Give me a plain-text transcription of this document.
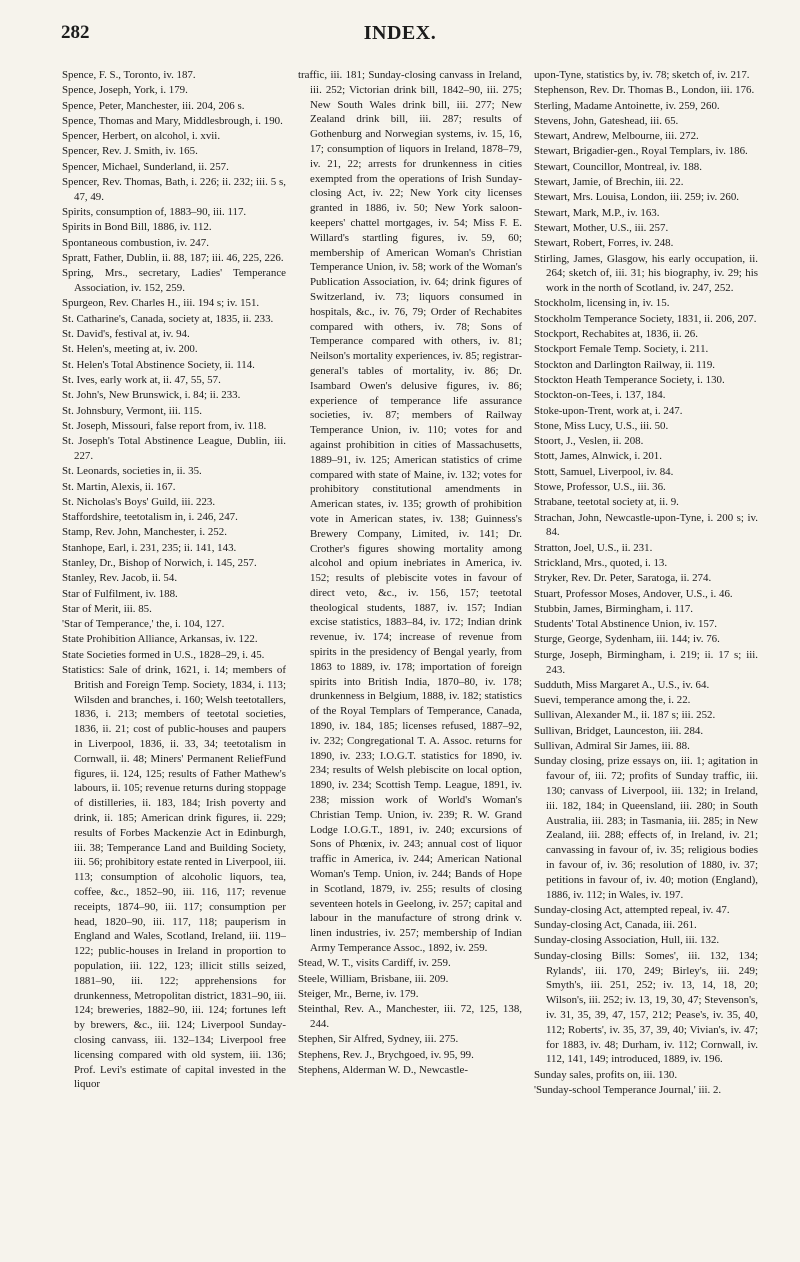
282	INDEX.

Spence, F. S., Toronto, iv. 187.

Spence, Joseph, York, i. 179.

Spence, Peter, Manchester, iii. 204, 206 s.

Spence, Thomas and Mary, Middlesbrough, i. 190.

Spencer, Herbert, on alcohol, i. xvii.

Spencer, Rev. J. Smith, iv. 165.

Spencer, Michael, Sunderland, ii. 257.

Spencer, Rev. Thomas, Bath, i. 226; ii. 232; iii. 5 s, 47, 49.

Spirits, consumption of, 1883–90, iii. 117.

Spirits in Bond Bill, 1886, iv. 112.

Spontaneous combustion, iv. 247.

Spratt, Father, Dublin, ii. 88, 187; iii. 46, 225, 226.

Spring, Mrs., secretary, Ladies' Temperance Association, iv. 152, 259.

Spurgeon, Rev. Charles H., iii. 194 s; iv. 151.

St. Catharine's, Canada, society at, 1835, ii. 233.

St. David's, festival at, iv. 94.

St. Helen's, meeting at, iv. 200.

St. Helen's Total Abstinence Society, ii. 114.

St. Ives, early work at, ii. 47, 55, 57.

St. John's, New Brunswick, i. 84; ii. 233.

St. Johnsbury, Vermont, iii. 115.

St. Joseph, Missouri, false report from, iv. 118.

St. Joseph's Total Abstinence League, Dublin, iii. 227.

St. Leonards, societies in, ii. 35.

St. Martin, Alexis, ii. 167.

St. Nicholas's Boys' Guild, iii. 223.

Staffordshire, teetotalism in, i. 246, 247.

Stamp, Rev. John, Manchester, i. 252.

Stanhope, Earl, i. 231, 235; ii. 141, 143.

Stanley, Dr., Bishop of Norwich, i. 145, 257.

Stanley, Rev. Jacob, ii. 54.

Star of Fulfilment, iv. 188.

Star of Merit, iii. 85.

'Star of Temperance,' the, i. 104, 127.

State Prohibition Alliance, Arkansas, iv. 122.

State Societies formed in U.S., 1828–29, i. 45.

Statistics: Sale of drink, 1621, i. 14; members of British and Foreign Temp. Society, 1834, i. 113; Wilsden and branches, i. 160; Welsh teetotallers, 1836, i. 213; members of teetotal societies, 1836, ii. 21; cost of public-houses and paupers in Liverpool, 1836, ii. 33, 34; teetotalism in Cornwall, ii. 48; Miners' Permanent ReliefFund figures, ii. 124, 125; results of Father Mathew's labours, ii. 105; revenue returns during stoppage of distilleries, ii. 183, 184; Irish poverty and drink, ii. 185; American drink figures, ii. 229; results of Forbes Mackenzie Act in Edinburgh, iii. 38; Temperance Land and Building Society, iii. 56; prohibitory estate rented in Liverpool, iii. 113; consumption of alcoholic liquors, tea, coffee, &c., 1852–90, iii. 116, 117; revenue receipts, 1874–90, iii. 117; consumption per head, 1820–90, iii. 117, 118; pauperism in England and Wales, Scotland, Ireland, iii. 119–122; public-houses in Ireland in proportion to population, iii. 122, 123; illicit stills seized, 1881–90, iii. 122; apprehensions for drunkenness, Metropolitan district, 1831–90, iii. 124; breweries, 1882–90, iii. 124; fortunes left by brewers, &c., iii. 124; Liverpool Sunday-closing canvass, iii. 132–134; Liverpool free licensing compared with old system, iii. 136; Prof. Levi's estimate of capital invested in the liquor

traffic, iii. 181; Sunday-closing canvass in Ireland, iii. 252; Victorian drink bill, 1842–90, iii. 275; New South Wales drink bill, iii. 277; New Zealand drink bill, iii. 287; results of Gothenburg and Norwegian systems, iv. 15, 16, 17; consumption of liquors in Ireland, 1878–79, iv. 21, 22; arrests for drunkenness in cities exempted from the operations of Irish Sunday-closing Act, iv. 22; New York city licenses granted in 1886, iv. 50; New York saloon-keepers' chattel mortgages, iv. 54; Miss F. E. Willard's startling figures, iv. 59, 60; membership of American Woman's Christian Temperance Union, iv. 58; work of the Woman's Publication Association, iv. 64; drink figures of Switzerland, iv. 73; liquors consumed in hospitals, &c., iv. 76, 79; Order of Rechabites compared with others, iv. 78; Sons of Temperance compared with others, iv. 81; Neilson's mortality experiences, iv. 85; registrar-general's tables of mortality, iv. 86; Dr. Isambard Owen's delusive figures, iv. 86; experience of temperance life assurance societies, iv. 87; members of Railway Temperance Union, iv. 110; votes for and against prohibition in cities of Massachusetts, 1889–91, iv. 125; American statistics of crime compared with state of Maine, iv. 132; votes for prohibitory constitutional amendments in American states, iv. 135; growth of prohibition vote in American states, iv. 138; Guinness's Brewery Company, Limited, iv. 141; Dr. Crother's figures showing mortality among alcohol and opium inebriates in America, iv. 152; results of plebiscite votes in favour of direct veto, &c., iv. 156, 157; teetotal theological students, 1887, iv. 157; Indian excise statistics, 1883–84, iv. 172; Indian drink revenue, iv. 174; increase of revenue from spirits in the presidency of Bengal yearly, from 1863 to 1889, iv. 178; importation of foreign spirits into British India, 1870–80, iv. 178; drunkenness in Belgium, 1888, iv. 182; statistics of the Royal Templars of Temperance, Canada, 1890, iv. 184, 185; licenses refused, 1887–92, iv. 232; Congregational T. A. Assoc. returns for 1890, iv. 233; I.O.G.T. statistics for 1890, iv. 234; results of Welsh plebiscite on local option, 1890, iv. 234; Scottish Temp. League, 1891, iv. 238; mission work of World's Woman's Christian Temp. Union, iv. 239; R. W. Grand Lodge I.O.G.T., 1891, iv. 240; excursions of Sons of Phœnix, iv. 243; annual cost of liquor traffic in America, iv. 244; American National Woman's Temp. Union, iv. 244; Bands of Hope in Scotland, 1879, iv. 255; results of closing seventeen hotels in Geelong, iv. 257; capital and labour in the manufacture of strong drink v. linen industries, iv. 257; membership of Indian Army Temperance Assoc., 1892, iv. 259.

Stead, W. T., visits Cardiff, iv. 259.

Steele, William, Brisbane, iii. 209.

Steiger, Mr., Berne, iv. 179.

Steinthal, Rev. A., Manchester, iii. 72, 125, 138, 244.

Stephen, Sir Alfred, Sydney, iii. 275.

Stephens, Rev. J., Brychgoed, iv. 95, 99.

Stephens, Alderman W. D., Newcastle-

upon-Tyne, statistics by, iv. 78; sketch of, iv. 217.

Stephenson, Rev. Dr. Thomas B., London, iii. 176.

Sterling, Madame Antoinette, iv. 259, 260.

Stevens, John, Gateshead, iii. 65.

Stewart, Andrew, Melbourne, iii. 272.

Stewart, Brigadier-gen., Royal Templars, iv. 186.

Stewart, Councillor, Montreal, iv. 188.

Stewart, Jamie, of Brechin, iii. 22.

Stewart, Mrs. Louisa, London, iii. 259; iv. 260.

Stewart, Mark, M.P., iv. 163.

Stewart, Mother, U.S., iii. 257.

Stewart, Robert, Forres, iv. 248.

Stirling, James, Glasgow, his early occupation, ii. 264; sketch of, iii. 31; his biography, iv. 29; his work in the north of Scotland, iv. 247, 252.

Stockholm, licensing in, iv. 15.

Stockholm Temperance Society, 1831, ii. 206, 207.

Stockport, Rechabites at, 1836, ii. 26.

Stockport Female Temp. Society, i. 211.

Stockton and Darlington Railway, ii. 119.

Stockton Heath Temperance Society, i. 130.

Stockton-on-Tees, i. 137, 184.

Stoke-upon-Trent, work at, i. 247.

Stone, Miss Lucy, U.S., iii. 50.

Stoort, J., Veslen, ii. 208.

Stott, James, Alnwick, i. 201.

Stott, Samuel, Liverpool, iv. 84.

Stowe, Professor, U.S., iii. 36.

Strabane, teetotal society at, ii. 9.

Strachan, John, Newcastle-upon-Tyne, i. 200 s; iv. 84.

Stratton, Joel, U.S., ii. 231.

Strickland, Mrs., quoted, i. 13.

Stryker, Rev. Dr. Peter, Saratoga, ii. 274.

Stuart, Professor Moses, Andover, U.S., i. 46.

Stubbin, James, Birmingham, i. 117.

Students' Total Abstinence Union, iv. 157.

Sturge, George, Sydenham, iii. 144; iv. 76.

Sturge, Joseph, Birmingham, i. 219; ii. 17 s; iii. 243.

Sudduth, Miss Margaret A., U.S., iv. 64.

Suevi, temperance among the, i. 22.

Sullivan, Alexander M., ii. 187 s; iii. 252.

Sullivan, Bridget, Launceston, iii. 284.

Sullivan, Admiral Sir James, iii. 88.

Sunday closing, prize essays on, iii. 1; agitation in favour of, iii. 72; profits of Sunday traffic, iii. 130; canvass of Liverpool, iii. 132; in Ireland, iii. 182, 184; in Queensland, iii. 280; in South Australia, iii. 283; in Tasmania, iii. 285; in New Zealand, iii. 288; effects of, in Ireland, iv. 21; canvassing in favour of, iv. 35; religious bodies in favour of, iv. 36; resolution of 1880, iv. 37; petitions in favour of, iv. 40; motion (England), 1886, iv. 112; in Wales, iv. 197.

Sunday-closing Act, attempted repeal, iv. 47.

Sunday-closing Act, Canada, iii. 261.

Sunday-closing Association, Hull, iii. 132.

Sunday-closing Bills: Somes', iii. 132, 134; Rylands', iii. 170, 249; Birley's, iii. 249; Smyth's, iii. 251, 252; iv. 13, 14, 18, 20; Wilson's, iii. 252; iv. 13, 19, 30, 47; Stevenson's, iv. 31, 35, 39, 47, 157, 212; Pease's, iv. 35, 40, 112; Roberts', iv. 35, 37, 39, 40; Vivian's, iv. 47; for 1883, iv. 48; Durham, iv. 112; Cornwall, iv. 112, 141, 149; introduced, 1889, iv. 196.

Sunday sales, profits on, iii. 130.

'Sunday-school Temperance Journal,' iii. 2.
